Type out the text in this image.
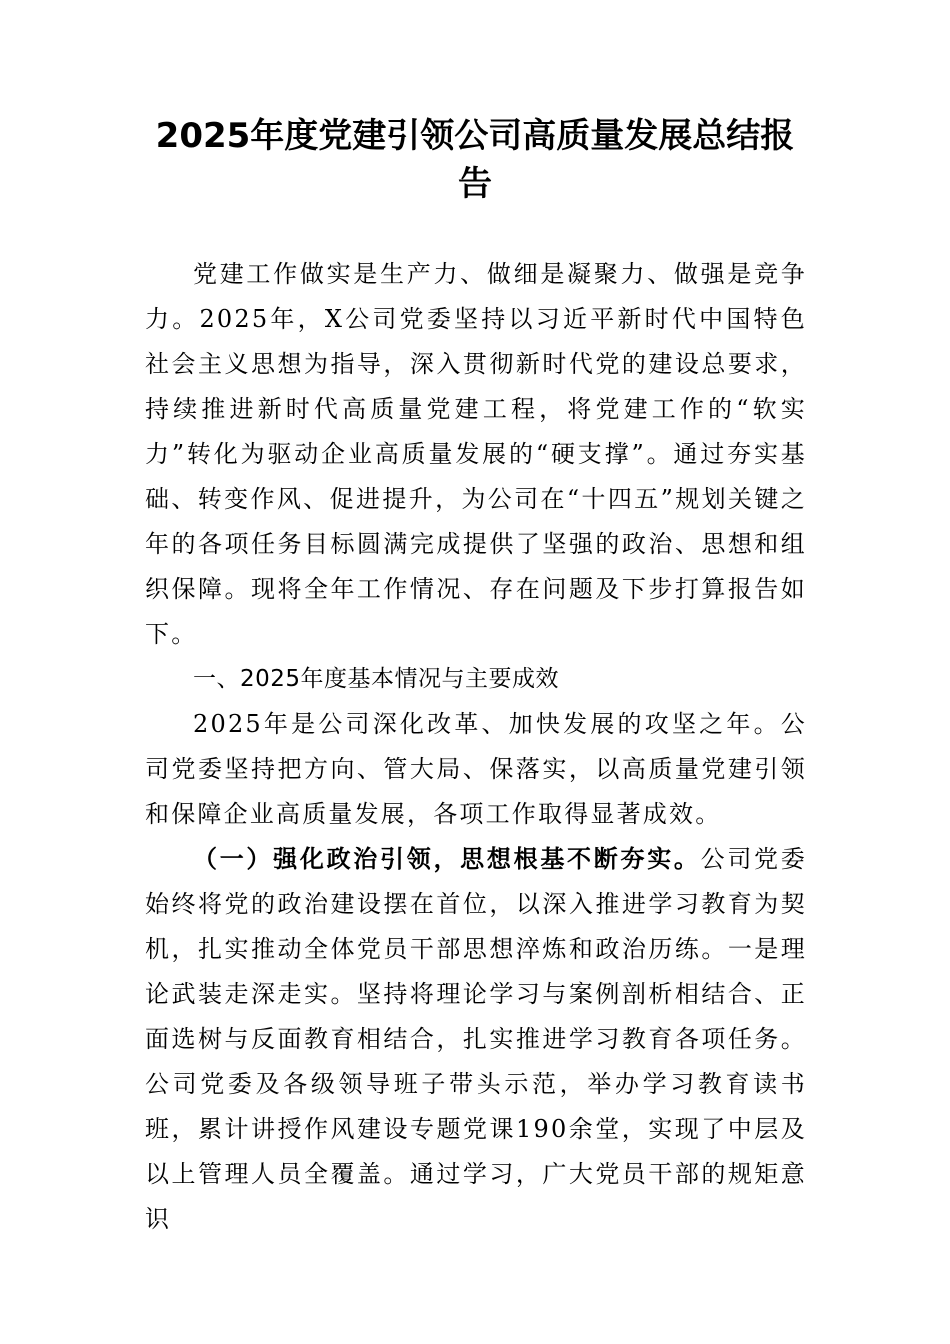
2025年度党建引领公司高质量发展总结报告

党建工作做实是生产力、做细是凝聚力、做强是竞争力。2025年，X公司党委坚持以习近平新时代中国特色社会主义思想为指导，深入贯彻新时代党的建设总要求，持续推进新时代高质量党建工程，将党建工作的“软实力”转化为驱动企业高质量发展的“硬支撑”。通过夯实基础、转变作风、促进提升，为公司在“十四五”规划关键之年的各项任务目标圆满完成提供了坚强的政治、思想和组织保障。现将全年工作情况、存在问题及下步打算报告如下。

一、2025年度基本情况与主要成效

2025年是公司深化改革、加快发展的攻坚之年。公司党委坚持把方向、管大局、保落实，以高质量党建引领和保障企业高质量发展，各项工作取得显著成效。

（一）强化政治引领，思想根基不断夯实。公司党委始终将党的政治建设摆在首位，以深入推进学习教育为契机，扎实推动全体党员干部思想淬炼和政治历练。一是理论武装走深走实。坚持将理论学习与案例剖析相结合、正面选树与反面教育相结合，扎实推进学习教育各项任务。公司党委及各级领导班子带头示范，举办学习教育读书班，累计讲授作风建设专题党课190余堂，实现了中层及以上管理人员全覆盖。通过学习，广大党员干部的规矩意识
